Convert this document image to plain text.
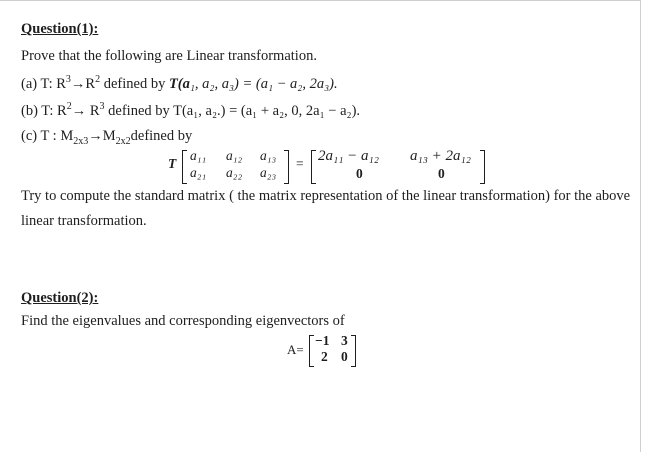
Question(1):
Prove that the following are Linear transformation.
(a) T: $R^3\to R^2$ defined by T(a₁, a₂, a₃) = (a₁ − a₂, 2a₃).
(b) T: $R^2\to R^3$ defined by T(a₁, a₂.) = (a₁ + a₂, 0, 2a₁ − a₂).
(c) T : $M_{2x3}\to M_{2x2}defined$ by
T
a₁₁ a₁₂ a₁₃
a₂₁ a₂₂ a₂₃
= 2a₁₁ − a₁₂ a₁₃ + 2a₁₂
0	0
Try to compute the standard matrix ( the matrix representation of the linear transformation) for the above
linear transformation.
Question(2):
Find the eigenvalues and corresponding eigenvectors of
A=
−1 3
2 0
